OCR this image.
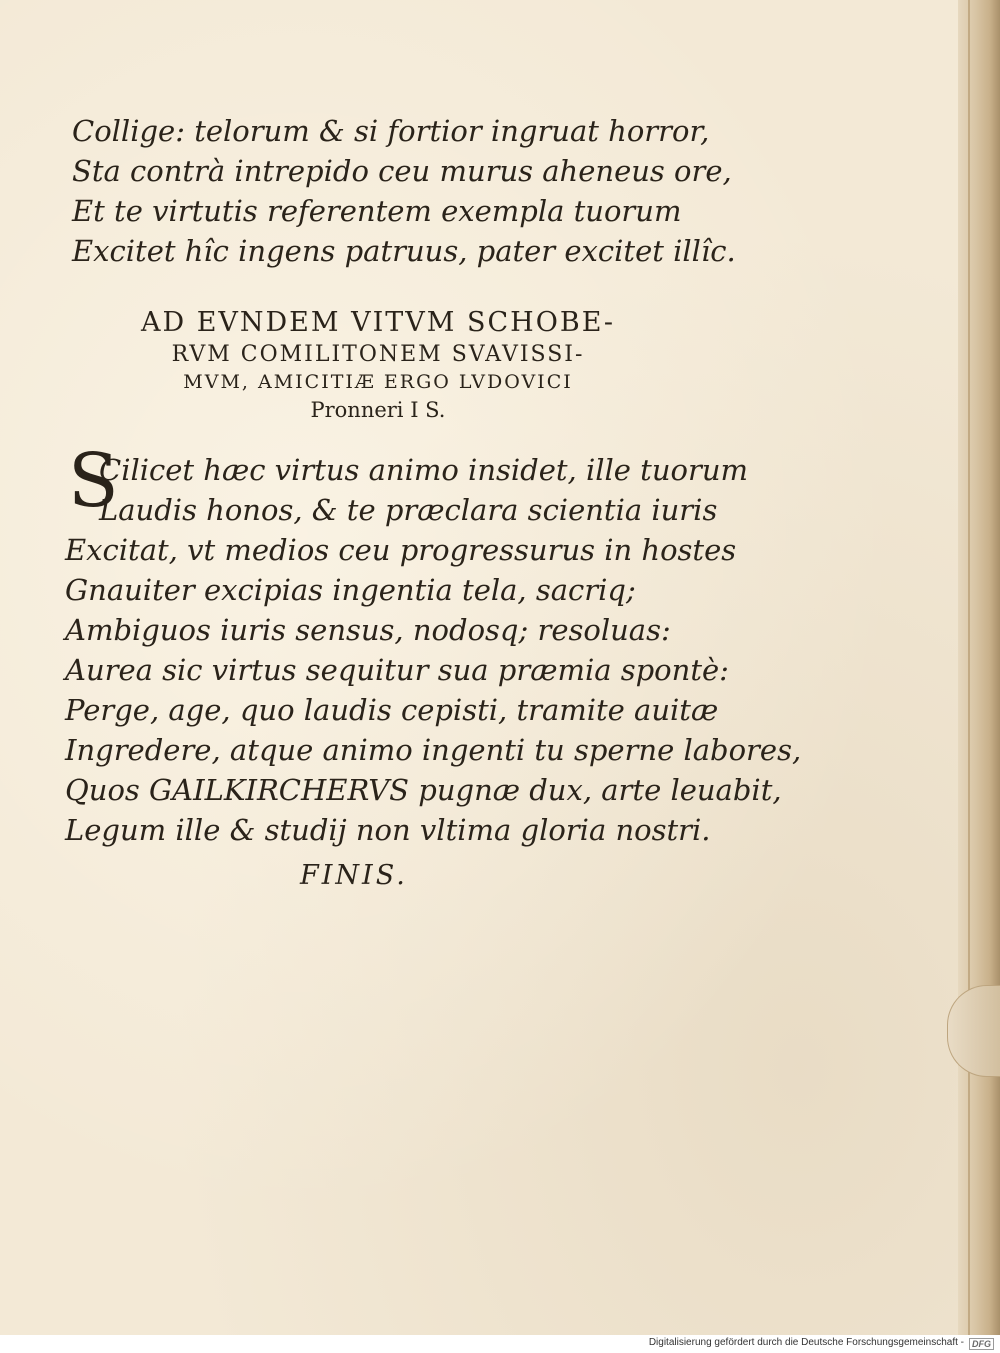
Collige: telorum & si fortior ingruat horror,
Sta contrà intrepido ceu murus aheneus ore,
Et te virtutis referentem exempla tuorum
Excitet hîc ingens patruus, pater excitet illîc.
AD EVNDEM VITVM SCHOBE-
RVM COMILITONEM SVAVISSI-
MVM, AMICITIÆ ERGO LVDOVICI
Pronneri I S.
S
Cilicet hæc virtus animo insidet, ille tuorum
Laudis honos, & te præclara scientia iuris
Excitat, vt medios ceu progressurus in hostes
Gnauiter excipias ingentia tela, sacriq;
Ambiguos iuris sensus, nodosq; resoluas:
Aurea sic virtus sequitur sua præmia spontè:
Perge, age, quo laudis cepisti, tramite auitæ
Ingredere, atque animo ingenti tu sperne labores,
Quos GAILKIRCHERVS pugnæ dux, arte leuabit,
Legum ille & studij non vltima gloria nostri.
FINIS.
Digitalisierung gefördert durch die Deutsche Forschungsgemeinschaft - DFG
